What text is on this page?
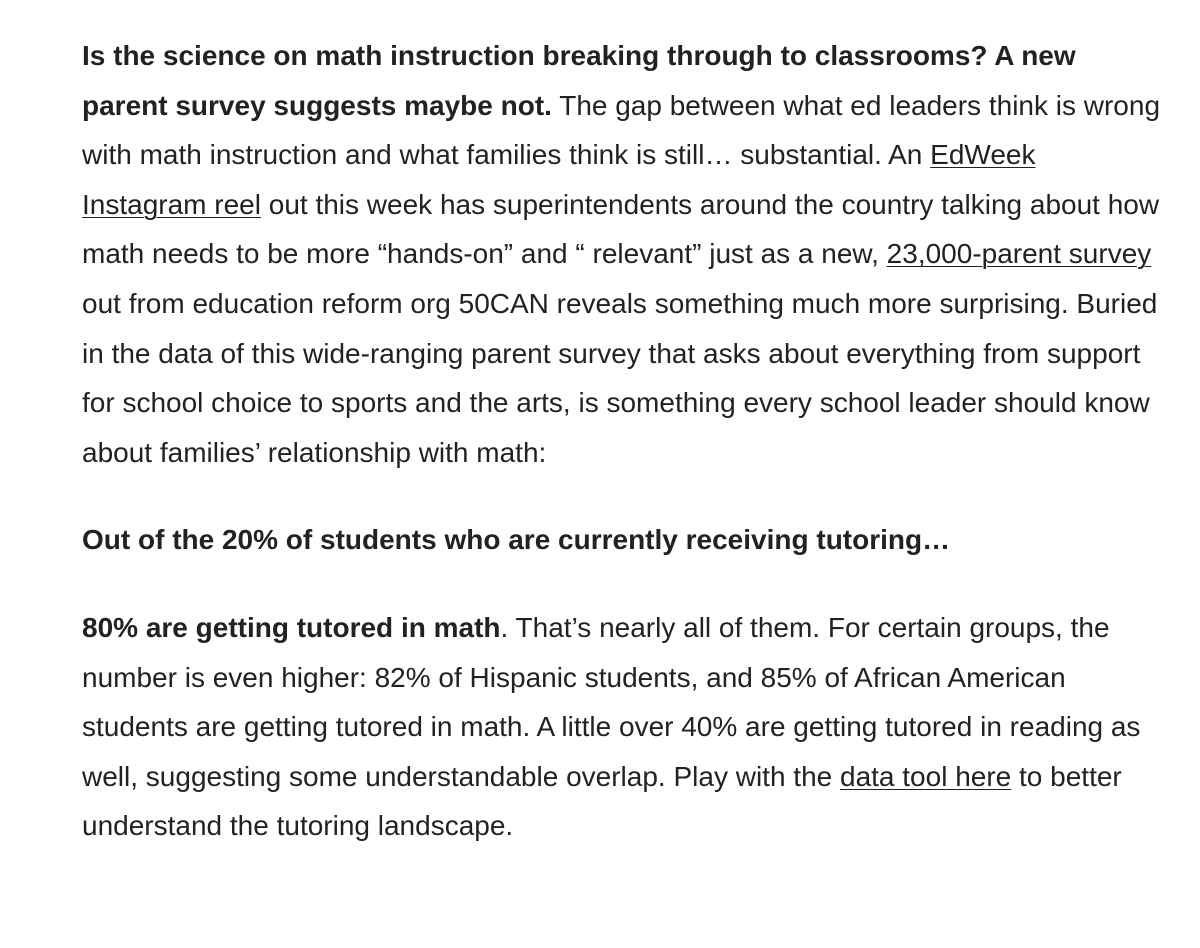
Is the science on math instruction breaking through to classrooms? A new parent survey suggests maybe not. The gap between what ed leaders think is wrong with math instruction and what families think is still… substantial. An EdWeek Instagram reel out this week has superintendents around the country talking about how math needs to be more “hands-on” and “ relevant” just as a new, 23,000-parent survey out from education reform org 50CAN reveals something much more surprising. Buried in the data of this wide-ranging parent survey that asks about everything from support for school choice to sports and the arts, is something every school leader should know about families’ relationship with math:

Out of the 20% of students who are currently receiving tutoring…

80% are getting tutored in math. That’s nearly all of them. For certain groups, the number is even higher: 82% of Hispanic students, and 85% of African American students are getting tutored in math. A little over 40% are getting tutored in reading as well, suggesting some understandable overlap. Play with the data tool here to better understand the tutoring landscape.
